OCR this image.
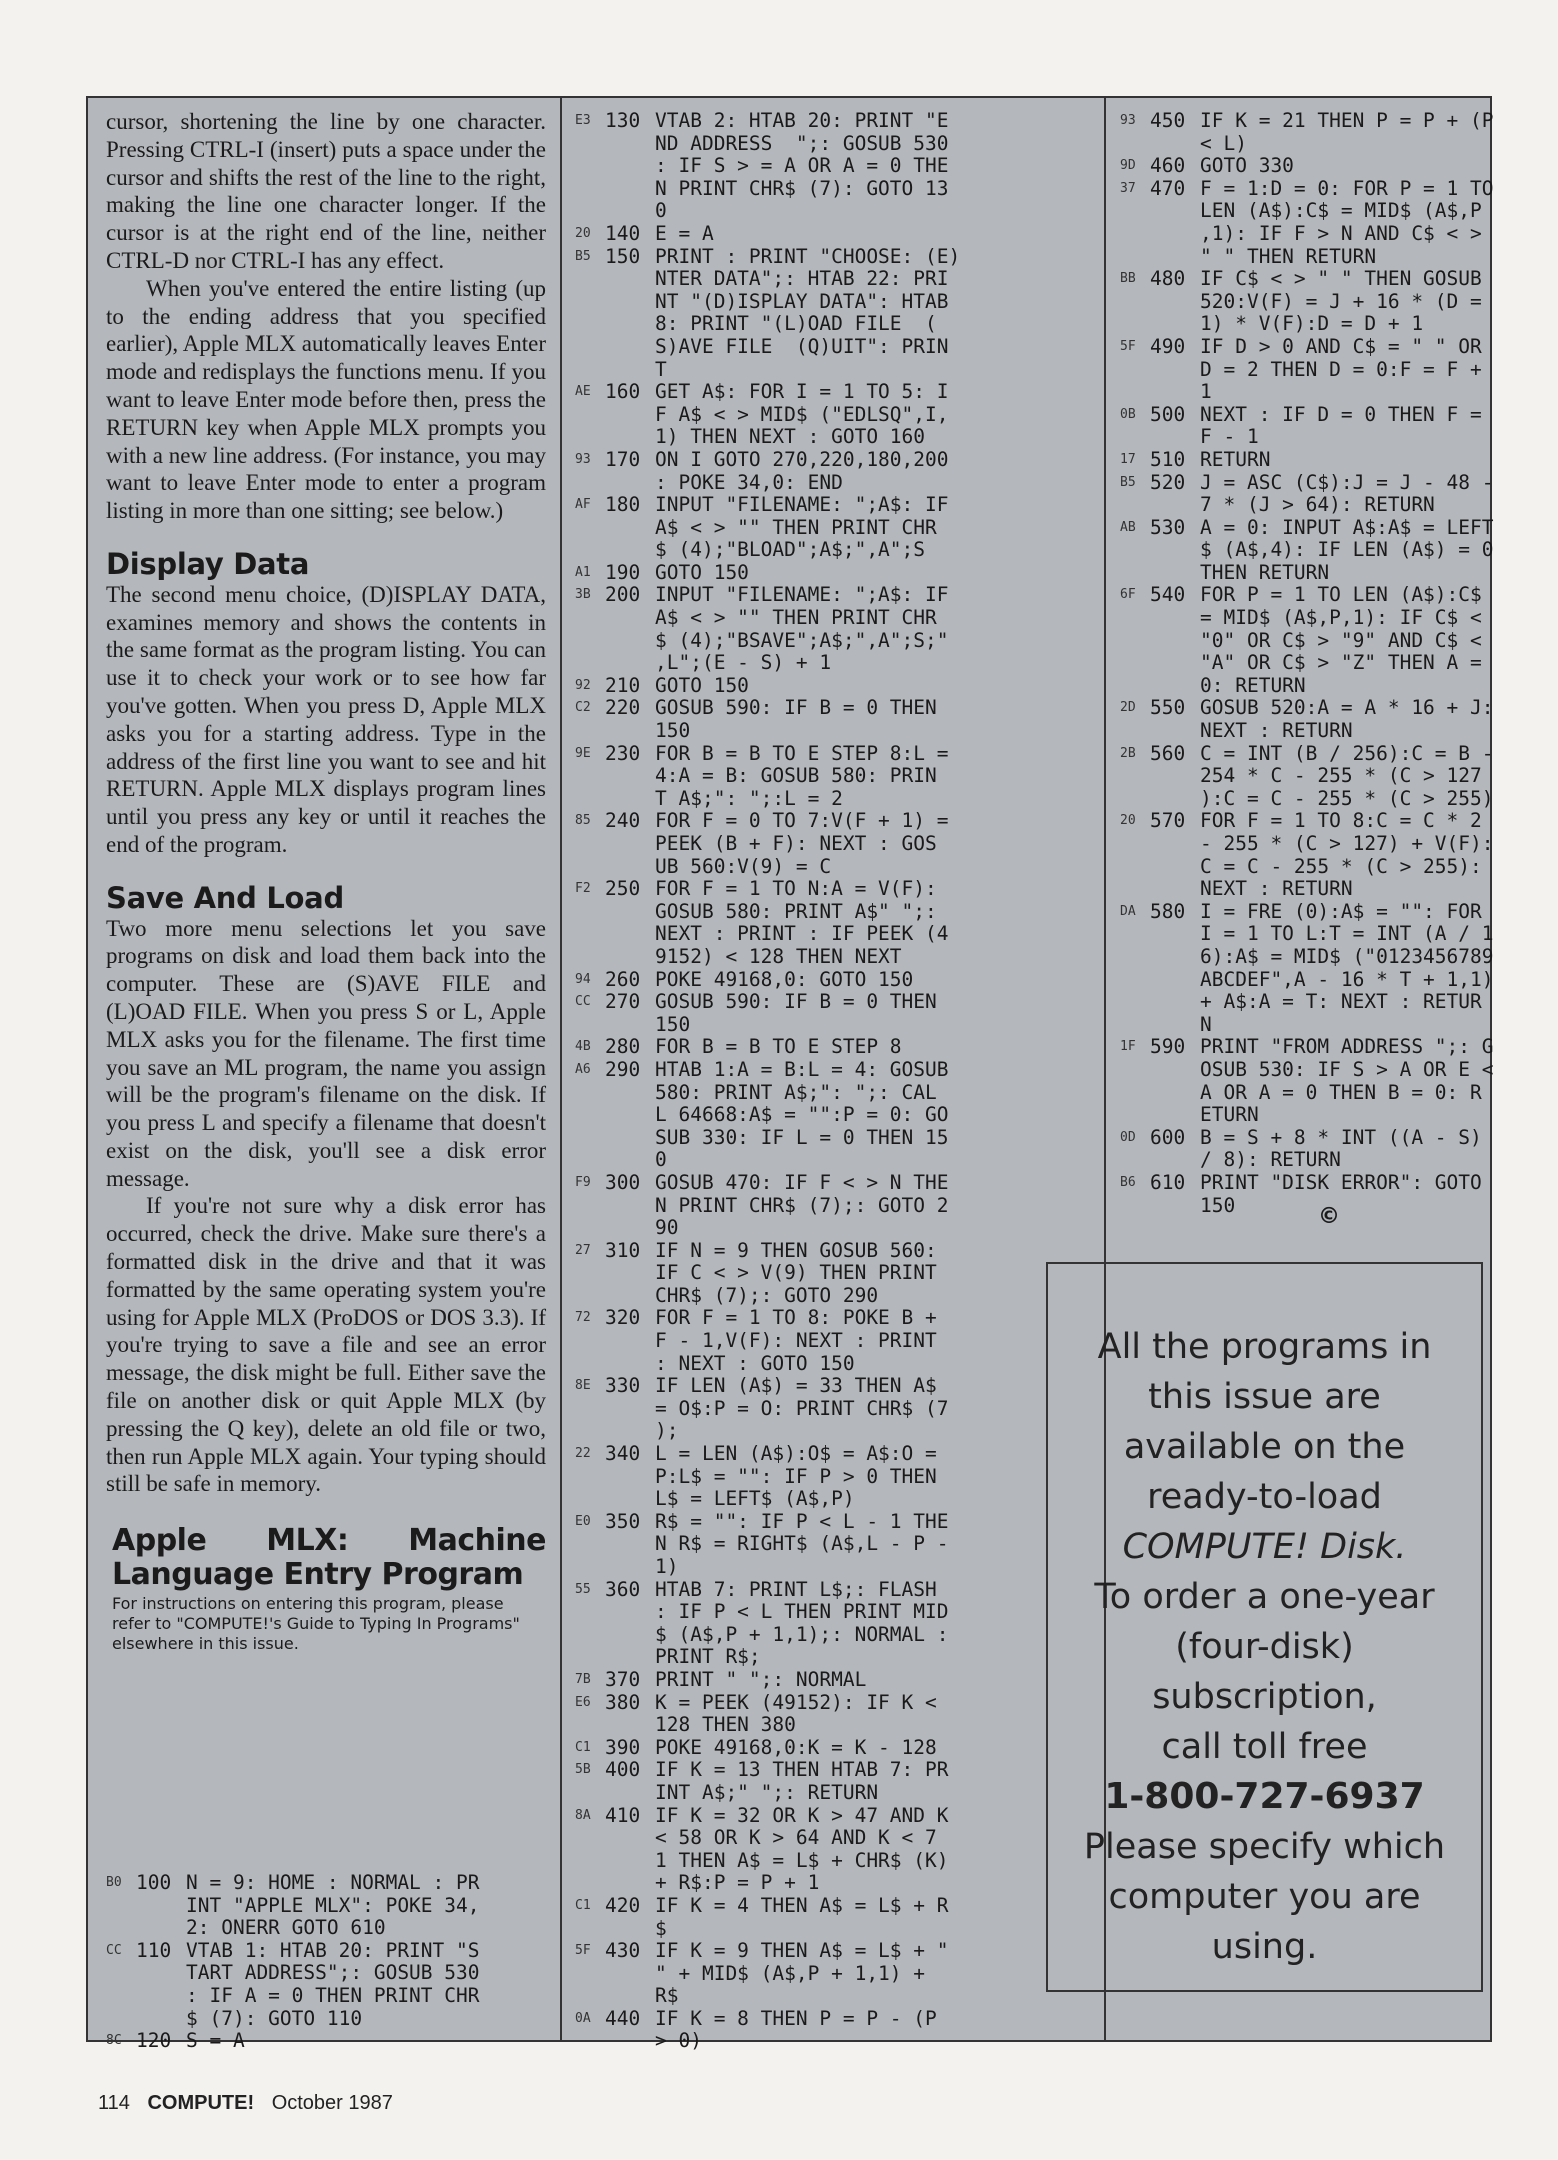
cursor, shortening the line by one character. Pressing CTRL-I (insert) puts a space under the cursor and shifts the rest of the line to the right, making the line one character longer. If the cursor is at the right end of the line, neither CTRL-D nor CTRL-I has any effect.

When you've entered the entire listing (up to the ending address that you specified earlier), Apple MLX automatically leaves Enter mode and redisplays the functions menu. If you want to leave Enter mode before then, press the RETURN key when Apple MLX prompts you with a new line address. (For instance, you may want to leave Enter mode to enter a program listing in more than one sitting; see below.)

Display Data

The second menu choice, (D)ISPLAY DATA, examines memory and shows the contents in the same format as the program listing. You can use it to check your work or to see how far you've gotten. When you press D, Apple MLX asks you for a starting address. Type in the address of the first line you want to see and hit RETURN. Apple MLX displays program lines until you press any key or until it reaches the end of the program.

Save And Load

Two more menu selections let you save programs on disk and load them back into the computer. These are (S)AVE FILE and (L)OAD FILE. When you press S or L, Apple MLX asks you for the filename. The first time you save an ML program, the name you assign will be the program's filename on the disk. If you press L and specify a filename that doesn't exist on the disk, you'll see a disk error message.

If you're not sure why a disk error has occurred, check the drive. Make sure there's a formatted disk in the drive and that it was formatted by the same operating system you're using for Apple MLX (ProDOS or DOS 3.3). If you're trying to save a file and see an error message, the disk might be full. Either save the file on another disk or quit Apple MLX (by pressing the Q key), delete an old file or two, then run Apple MLX again. Your typing should still be safe in memory.

Apple MLX: Machine Language Entry Program
For instructions on entering this program, please refer to "COMPUTE!'s Guide to Typing In Programs" elsewhere in this issue.
B0 100 N = 9: HOME : NORMAL : PR
INT "APPLE MLX": POKE 34,
2: ONERR GOTO 610
CC 110 VTAB 1: HTAB 20: PRINT "S
TART ADDRESS";: GOSUB 530
: IF A = 0 THEN PRINT CHR
$ (7): GOTO 110
8C 120 S = A
E3 130 VTAB 2: HTAB 20: PRINT "E
ND ADDRESS  ";: GOSUB 530
: IF S > = A OR A = 0 THE
N PRINT CHR$ (7): GOTO 13
0
20 140 E = A
B5 150 PRINT : PRINT "CHOOSE: (E)
NTER DATA";: HTAB 22: PRI
NT "(D)ISPLAY DATA": HTAB
8: PRINT "(L)OAD FILE  (
S)AVE FILE  (Q)UIT": PRIN
T
AE 160 GET A$: FOR I = 1 TO 5: I
F A$ < > MID$ ("EDLSQ",I,
1) THEN NEXT : GOTO 160
93 170 ON I GOTO 270,220,180,200
: POKE 34,0: END
AF 180 INPUT "FILENAME: ";A$: IF
A$ < > "" THEN PRINT CHR
$ (4);"BLOAD";A$;",A";S
A1 190 GOTO 150
3B 200 INPUT "FILENAME: ";A$: IF
A$ < > "" THEN PRINT CHR
$ (4);"BSAVE";A$;",A";S;"
,L";(E - S) + 1
92 210 GOTO 150
C2 220 GOSUB 590: IF B = 0 THEN
150
9E 230 FOR B = B TO E STEP 8:L =
4:A = B: GOSUB 580: PRIN
T A$;": ";:L = 2
85 240 FOR F = 0 TO 7:V(F + 1) =
PEEK (B + F): NEXT : GOS
UB 560:V(9) = C
F2 250 FOR F = 1 TO N:A = V(F):
GOSUB 580: PRINT A$" ";:
NEXT : PRINT : IF PEEK (4
9152) < 128 THEN NEXT
94 260 POKE 49168,0: GOTO 150
CC 270 GOSUB 590: IF B = 0 THEN
150
4B 280 FOR B = B TO E STEP 8
A6 290 HTAB 1:A = B:L = 4: GOSUB
580: PRINT A$;": ";: CAL
L 64668:A$ = "":P = 0: GO
SUB 330: IF L = 0 THEN 15
0
F9 300 GOSUB 470: IF F < > N THE
N PRINT CHR$ (7);: GOTO 2
90
27 310 IF N = 9 THEN GOSUB 560:
IF C < > V(9) THEN PRINT
CHR$ (7);: GOTO 290
72 320 FOR F = 1 TO 8: POKE B +
F - 1,V(F): NEXT : PRINT
: NEXT : GOTO 150
8E 330 IF LEN (A$) = 33 THEN A$
= O$:P = O: PRINT CHR$ (7
);
22 340 L = LEN (A$):O$ = A$:O =
P:L$ = "": IF P > 0 THEN
L$ = LEFT$ (A$,P)
E0 350 R$ = "": IF P < L - 1 THE
N R$ = RIGHT$ (A$,L - P -
1)
55 360 HTAB 7: PRINT L$;: FLASH
: IF P < L THEN PRINT MID
$ (A$,P + 1,1);: NORMAL :
PRINT R$;
7B 370 PRINT " ";: NORMAL
E6 380 K = PEEK (49152): IF K <
128 THEN 380
C1 390 POKE 49168,0:K = K - 128
5B 400 IF K = 13 THEN HTAB 7: PR
INT A$;" ";: RETURN
8A 410 IF K = 32 OR K > 47 AND K
< 58 OR K > 64 AND K < 7
1 THEN A$ = L$ + CHR$ (K)
+ R$:P = P + 1
C1 420 IF K = 4 THEN A$ = L$ + R
$
5F 430 IF K = 9 THEN A$ = L$ + "
" + MID$ (A$,P + 1,1) +
R$
0A 440 IF K = 8 THEN P = P - (P
> 0)
93 450 IF K = 21 THEN P = P + (P
< L)
9D 460 GOTO 330
37 470 F = 1:D = 0: FOR P = 1 TO
LEN (A$):C$ = MID$ (A$,P
,1): IF F > N AND C$ < >
" " THEN RETURN
BB 480 IF C$ < > " " THEN GOSUB
520:V(F) = J + 16 * (D =
1) * V(F):D = D + 1
5F 490 IF D > 0 AND C$ = " " OR
D = 2 THEN D = 0:F = F +
1
0B 500 NEXT : IF D = 0 THEN F =
F - 1
17 510 RETURN
B5 520 J = ASC (C$):J = J - 48 -
7 * (J > 64): RETURN
AB 530 A = 0: INPUT A$:A$ = LEFT
$ (A$,4): IF LEN (A$) = 0
THEN RETURN
6F 540 FOR P = 1 TO LEN (A$):C$
= MID$ (A$,P,1): IF C$ <
"0" OR C$ > "9" AND C$ <
"A" OR C$ > "Z" THEN A =
0: RETURN
2D 550 GOSUB 520:A = A * 16 + J:
NEXT : RETURN
2B 560 C = INT (B / 256):C = B -
254 * C - 255 * (C > 127
):C = C - 255 * (C > 255)
20 570 FOR F = 1 TO 8:C = C * 2
- 255 * (C > 127) + V(F):
C = C - 255 * (C > 255):
NEXT : RETURN
DA 580 I = FRE (0):A$ = "": FOR
I = 1 TO L:T = INT (A / 1
6):A$ = MID$ ("0123456789
ABCDEF",A - 16 * T + 1,1)
+ A$:A = T: NEXT : RETUR
N
1F 590 PRINT "FROM ADDRESS ";: G
OSUB 530: IF S > A OR E <
A OR A = 0 THEN B = 0: R
ETURN
0D 600 B = S + 8 * INT ((A - S)
/ 8): RETURN
B6 610 PRINT "DISK ERROR": GOTO
150	©
All the programs in
this issue are
available on the
ready-to-load
COMPUTE! Disk.
To order a one-year
(four-disk)
subscription,
call toll free
1-800-727-6937
Please specify which
computer you are
using.
114 COMPUTE! October 1987
